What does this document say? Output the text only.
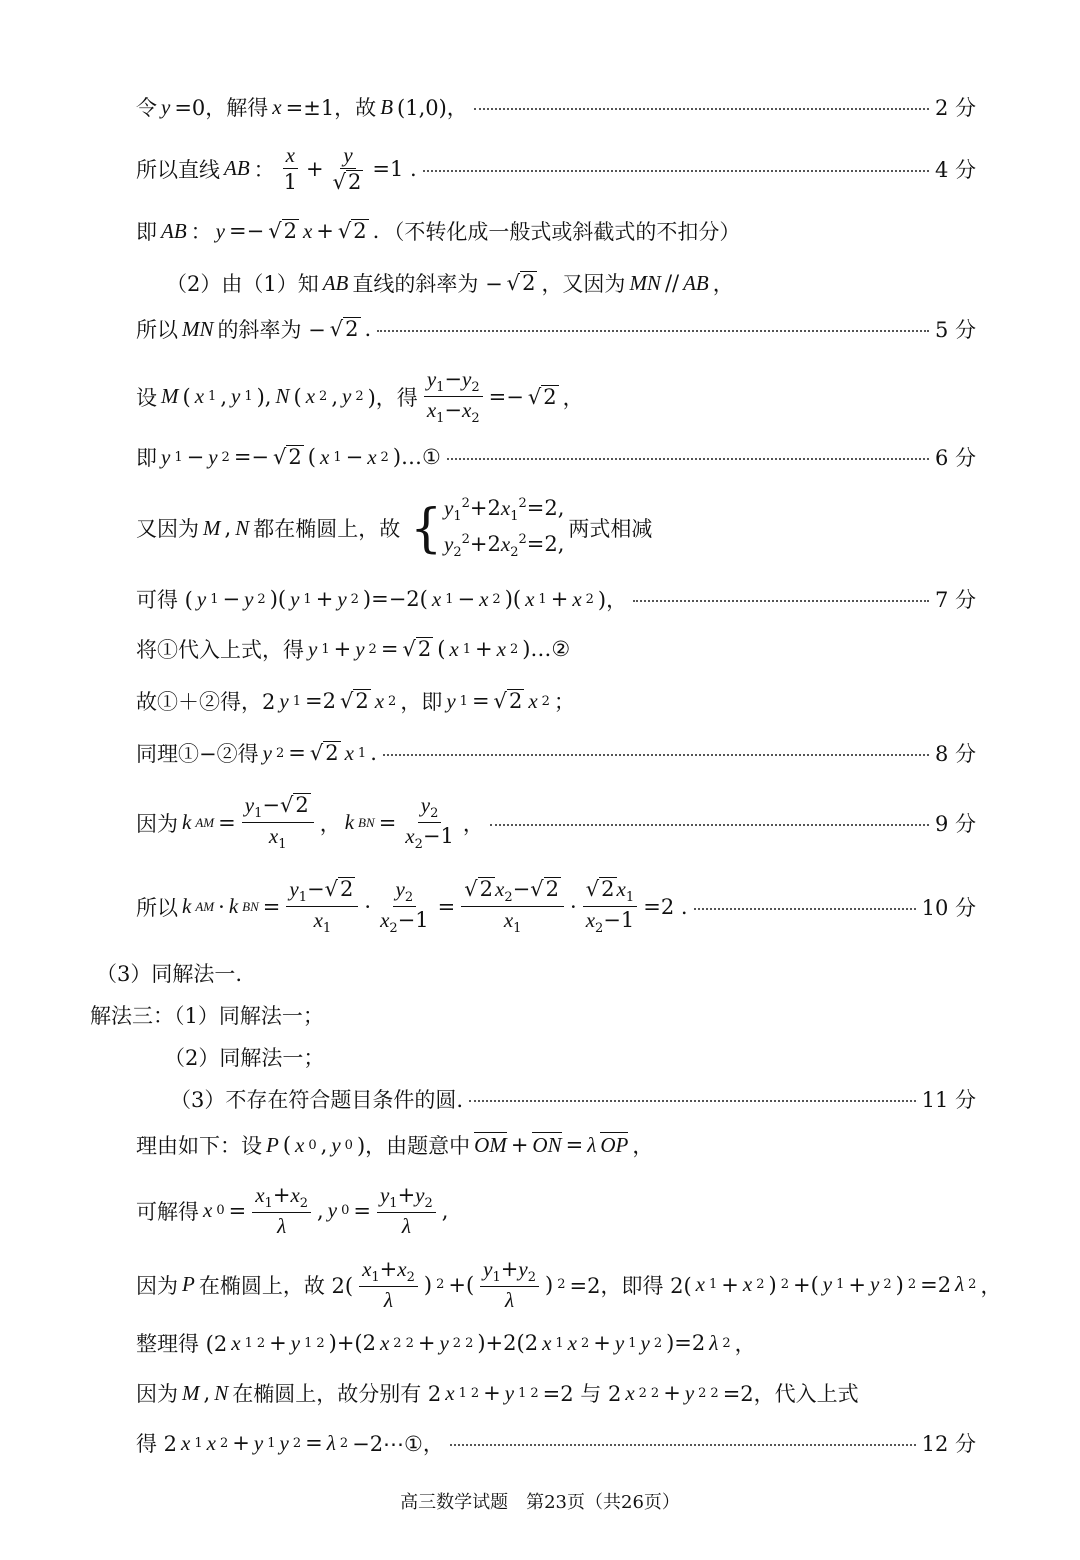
令 y =0，解得 x =±1，故 B (1,0)，	2 分
所以直线 AB ： $\frac{x}{1} + \frac{y}{√ 2} =1$ .	4 分
即 AB ： y =− √ 2 x + √ 2 . （不转化成一般式或斜截式的不扣分）
（2）由（1）知 AB 直线的斜率为 − √ 2 ，又因为 MN // AB ，
所以 MN 的斜率为 − √ 2 .	5 分
设 M ( x 1 , y 1 ), N ( x 2 , y 2 )，得 $\frac{y_1-y_2}{x_1-x_2}$ =− √ 2 ，
即 y 1 − y 2 =− √ 2 ( x 1 − x 2 )…①	6 分
又因为 M , N 都在椭圆上，故 { $y_1^2+2x_1^2=2$,
$y_2^2+2x_2^2=2$,
两式相减
可得 ( y 1 − y 2 )( y 1 + y 2 )=−2( x 1 − x 2 )( x 1 + x 2 )，	7 分
将①代入上式，得 y 1 + y 2 = √ 2 ( x 1 + x 2 )…②
故①＋②得，2 y 1 =2 √ 2 x 2 ，即 y 1 = √ 2 x 2 ；
同理①−②得 y 2 = √ 2 x 1 .	8 分
因为 k AM = $\frac{y_1-√ 2}{x_1}$ ， k BN = $\frac{y_2}{x_2-1}$ ，	9 分
所以 k AM · k BN = $\frac{y_1-√ 2}{x_1} \cdot \frac{y_2}{x_2-1} = \frac{√ 2 x_2-√ 2}{x_1} \cdot \frac{√ 2 x_1}{x_2-1} =2$ .	10 分
（3）同解法一.
解法三：（1）同解法一；
（2）同解法一；
（3）不存在符合题目条件的圆.	11 分
理由如下：设 P ( x 0 , y 0 )，由题意中 OM + ON = λ OP ，
可解得 x $0 = \frac{x_1+x_2}{\lambda}$ , y $0 = \frac{y_1+y_2}{\lambda}$ ,
因为 P 在椭圆上，故 $2( \frac{x_1+x_2}{\lambda}$ ) 2 +( $\frac{y_1+y_2}{\lambda}$ ) 2 =2，即得 2( x 1 + x 2 ) 2 +( y 1 + y 2 ) 2 =2 λ 2 ，
整理得 (2 x 1 2 + y 1 2 )+(2 x 2 2 + y 2 2 )+2(2 x 1 x 2 + y 1 y 2 )=2 λ 2 ，
因为 M , N 在椭圆上，故分别有 2 x 1 2 + y 1 2 =2 与 2 x 2 2 + y 2 2 =2，代入上式
得 2 x 1 x 2 + y 1 y 2 = λ 2 −2⋯①，	12 分
高三数学试题　第23页（共26页）
